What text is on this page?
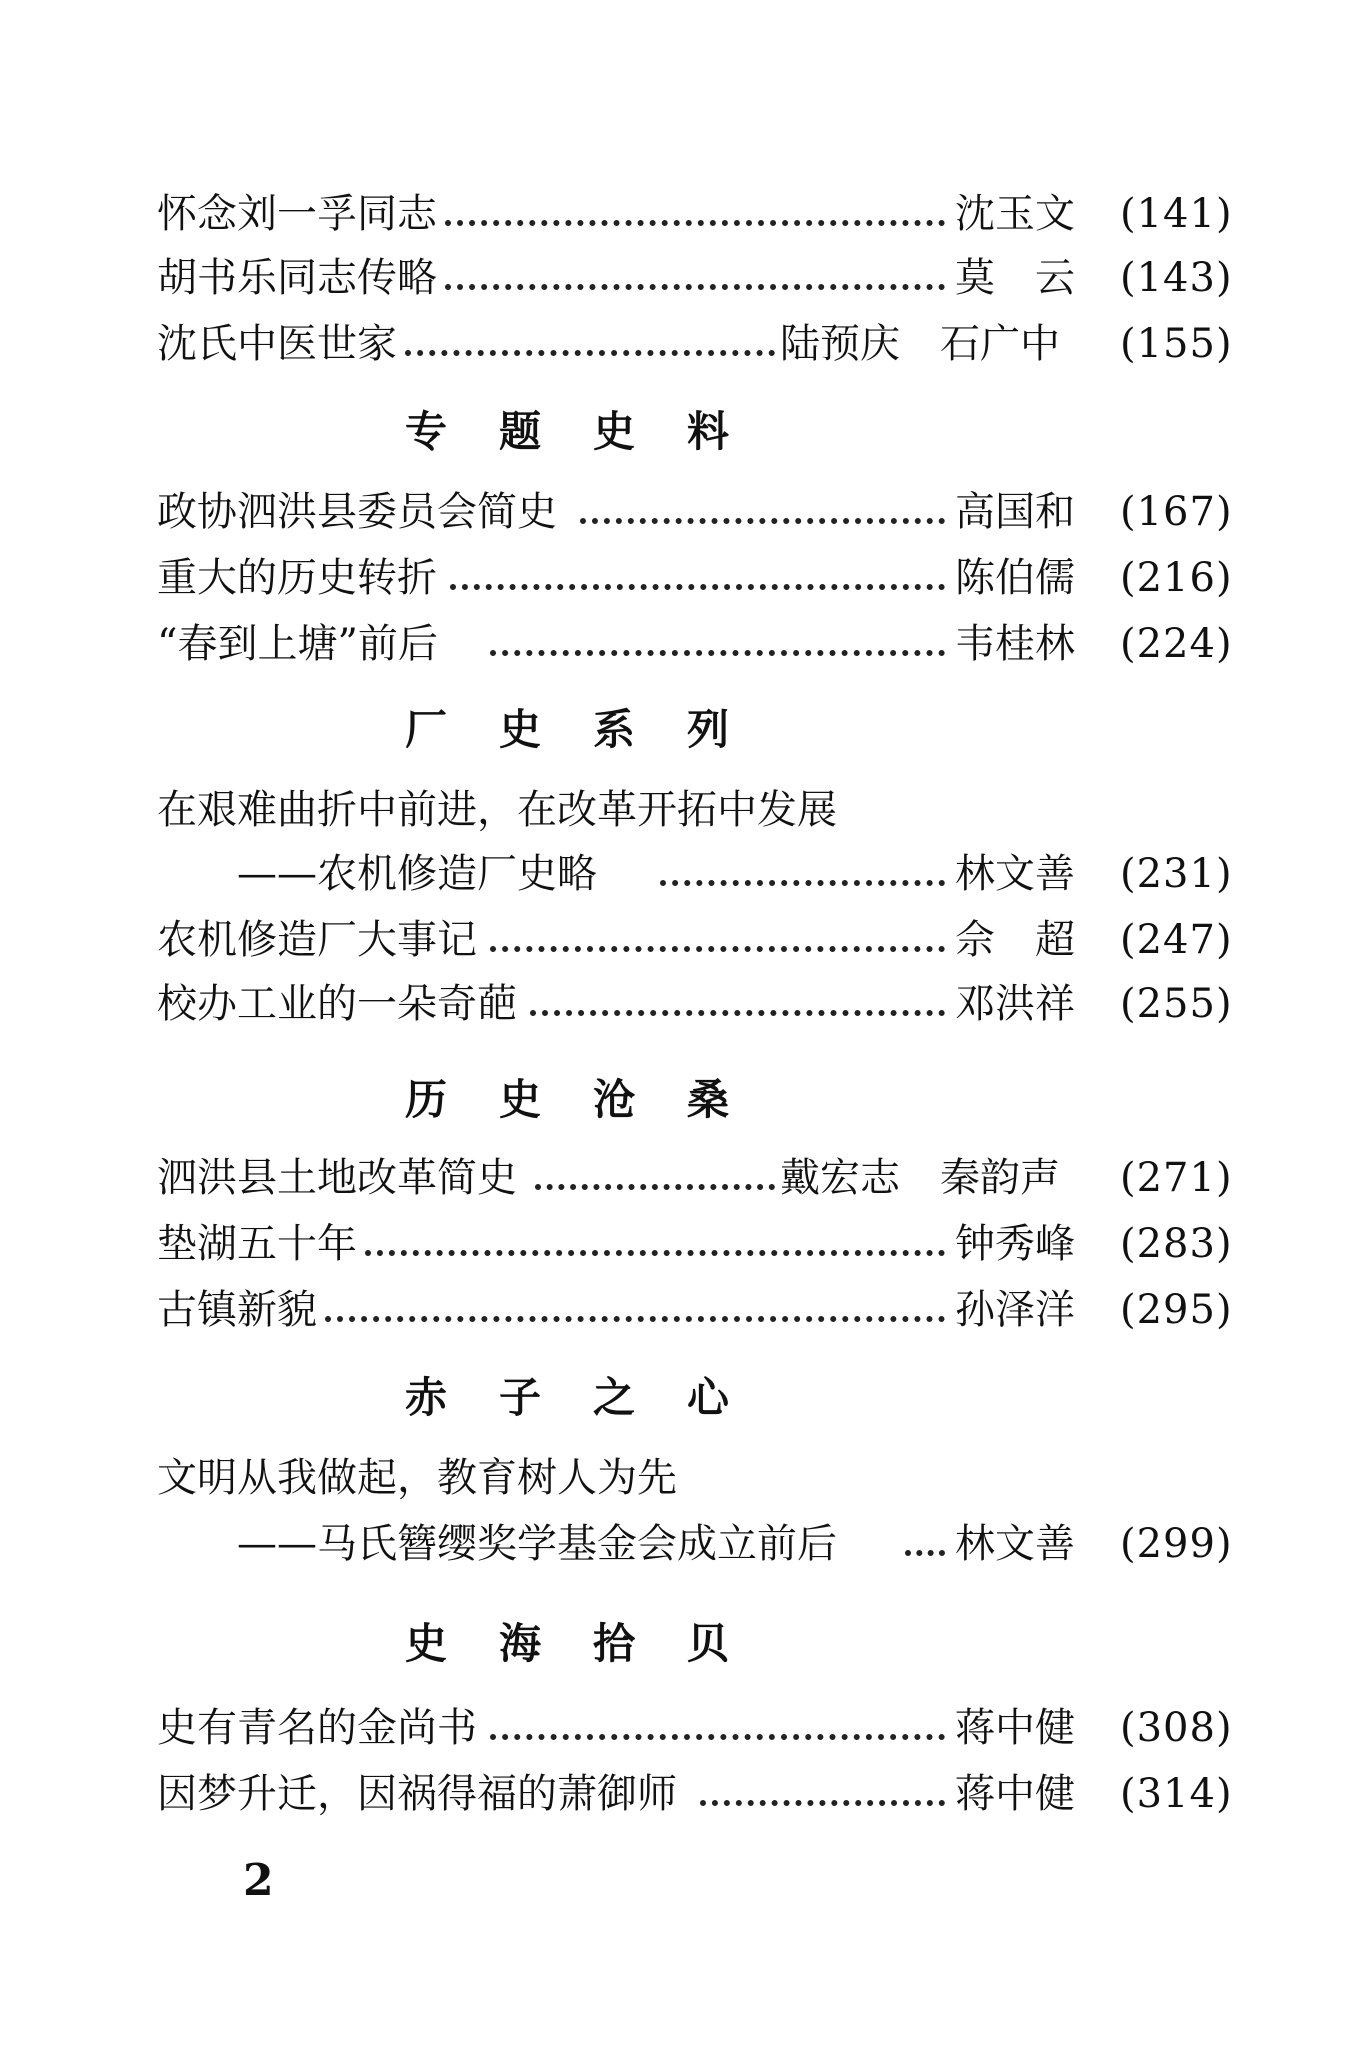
怀念刘一孚同志	沈玉文 (141)
胡书乐同志传略	莫　云 (143)
沈氏中医世家	陆预庆　石广中 (155)
专题史料
政协泗洪县委员会简史	高国和 (167)
重大的历史转折	陈伯儒 (216)
“春到上塘”前后	韦桂林 (224)
厂史系列
在艰难曲折中前进，在改革开拓中发展
——农机修造厂史略	林文善 (231)
农机修造厂大事记	佘　超 (247)
校办工业的一朵奇葩	邓洪祥 (255)
历史沧桑
泗洪县土地改革简史	戴宏志　秦韵声 (271)
垫湖五十年	钟秀峰 (283)
古镇新貌	孙泽洋 (295)
赤子之心
文明从我做起，教育树人为先
——马氏簪缨奖学基金会成立前后	林文善 (299)
史海拾贝
史有青名的金尚书	蒋中健 (308)
因梦升迁，因祸得福的萧御师	蒋中健 (314)
2
